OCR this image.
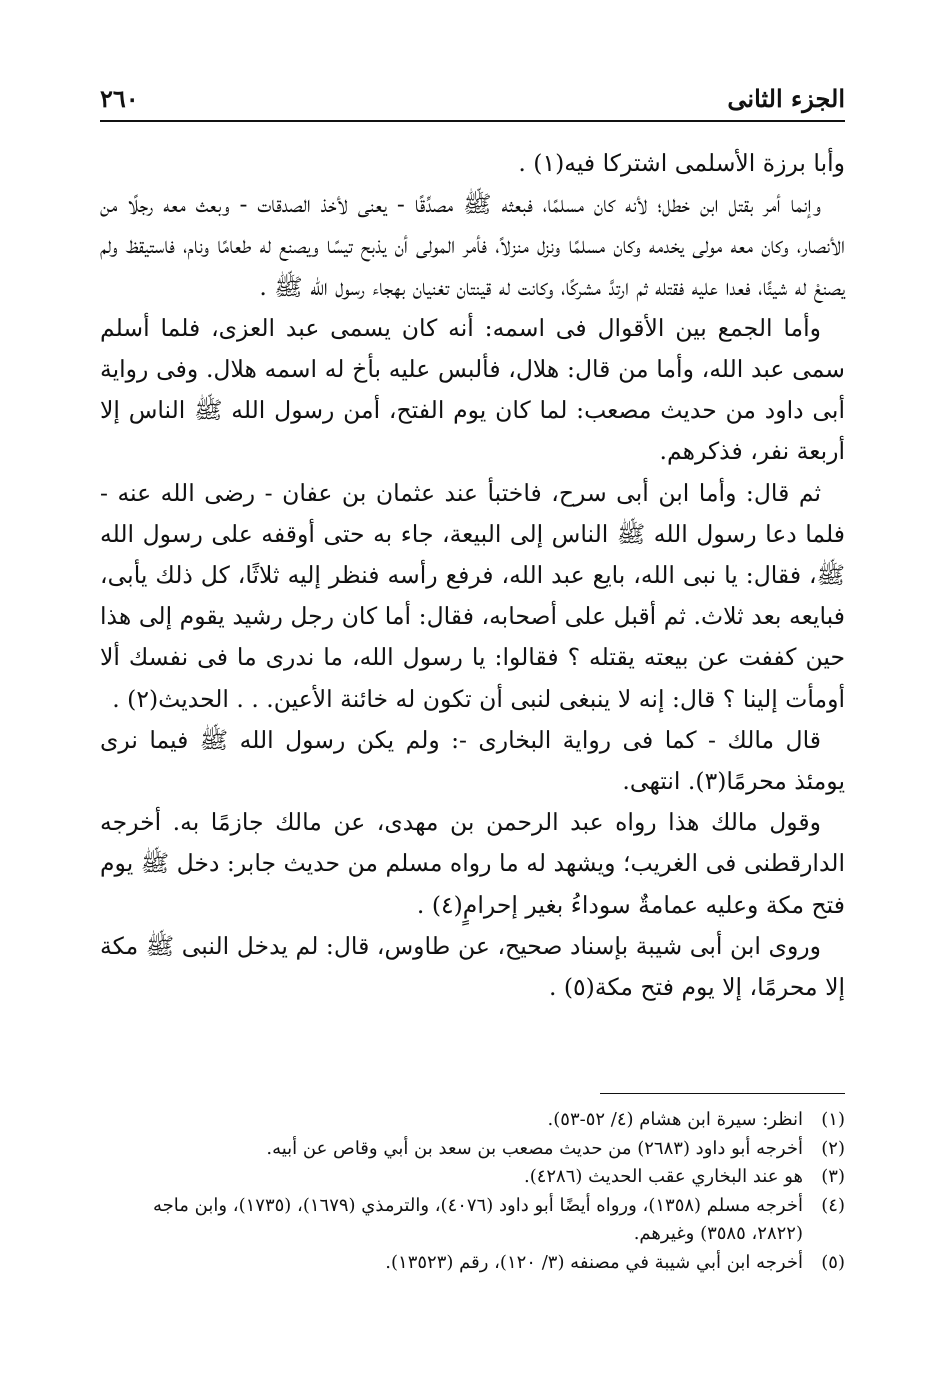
الجزء الثانى
٢٦٠

وأبا برزة الأسلمى اشتركا فيه(١) .

وإنما أمر بقتل ابن خطل؛ لأنه كان مسلمًا، فبعثه ﷺ مصدِّقًا - يعنى لأخذ الصدقات - وبعث معه رجلًا من الأنصار، وكان معه مولى يخدمه وكان مسلمًا ونزل منزلاً، فأمر المولى أن يذبح تيسًا ويصنع له طعامًا ونام، فاستيقظ ولم يصنعْ له شيئًا، فعدا عليه فقتله ثم ارتدَّ مشركًا، وكانت له قينتان تغنيان بهجاء رسول الله ﷺ .

وأما الجمع بين الأقوال فى اسمه: أنه كان يسمى عبد العزى، فلما أسلم سمى عبد الله، وأما من قال: هلال، فألبس عليه بأخ له اسمه هلال. وفى رواية أبى داود من حديث مصعب: لما كان يوم الفتح، أمن رسول الله ﷺ الناس إلا أربعة نفر، فذكرهم.

ثم قال: وأما ابن أبى سرح، فاختبأ عند عثمان بن عفان - رضى الله عنه - فلما دعا رسول الله ﷺ الناس إلى البيعة، جاء به حتى أوقفه على رسول الله ﷺ، فقال: يا نبى الله، بايع عبد الله، فرفع رأسه فنظر إليه ثلاثًا، كل ذلك يأبى، فبايعه بعد ثلاث. ثم أقبل على أصحابه، فقال: أما كان رجل رشيد يقوم إلى هذا حين كففت عن بيعته يقتله ؟ فقالوا: يا رسول الله، ما ندرى ما فى نفسك ألا أومأت إلينا ؟ قال: إنه لا ينبغى لنبى أن تكون له خائنة الأعين. . . الحديث(٢) .

قال مالك - كما فى رواية البخارى -: ولم يكن رسول الله ﷺ فيما نرى يومئذ محرمًا(٣). انتهى.

وقول مالك هذا رواه عبد الرحمن بن مهدى، عن مالك جازمًا به. أخرجه الدارقطنى فى الغريب؛ ويشهد له ما رواه مسلم من حديث جابر: دخل ﷺ يوم فتح مكة وعليه عمامةٌ سوداءُ بغير إحرامٍ(٤) .

وروى ابن أبى شيبة بإسناد صحيح، عن طاوس، قال: لم يدخل النبى ﷺ مكة إلا محرمًا، إلا يوم فتح مكة(٥) .

(١)
انظر: سيرة ابن هشام (٤/ ٥٢-٥٣).
(٢)
أخرجه أبو داود (٢٦٨٣) من حديث مصعب بن سعد بن أبي وقاص عن أبيه.
(٣)
هو عند البخاري عقب الحديث (٤٢٨٦).
(٤)
أخرجه مسلم (١٣٥٨)، ورواه أيضًا أبو داود (٤٠٧٦)، والترمذي (١٦٧٩)، (١٧٣٥)، وابن ماجه (٢٨٢٢، ٣٥٨٥) وغيرهم.
(٥)
أخرجه ابن أبي شيبة في مصنفه (٣/ ١٢٠)، رقم (١٣٥٢٣).
